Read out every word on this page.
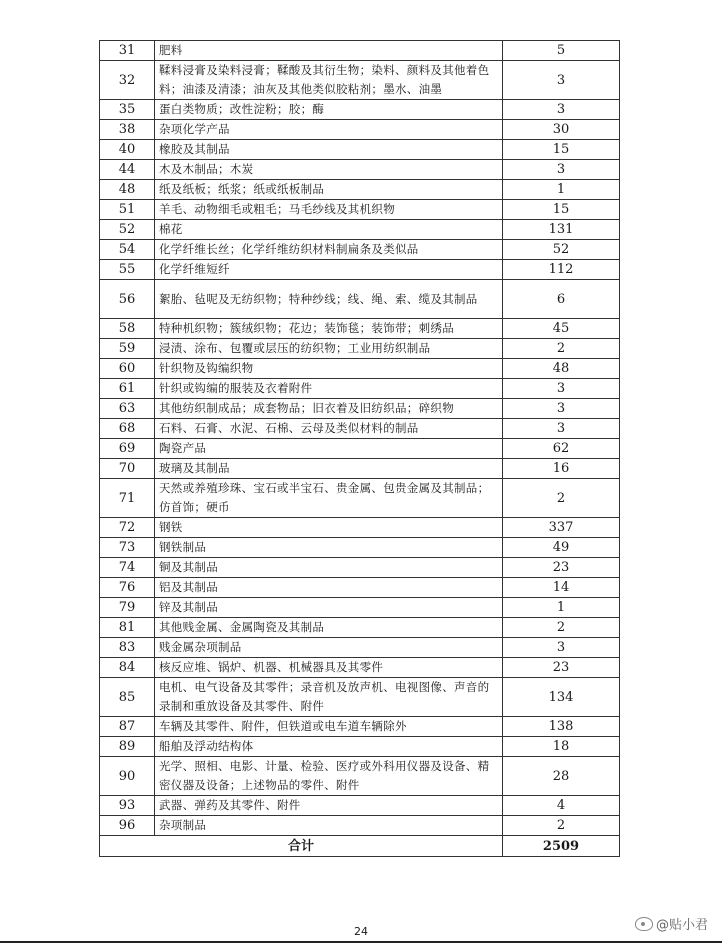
31	肥料	5
32	鞣料浸膏及染料浸膏；鞣酸及其衍生物；染料、颜料及其他着色料；油漆及清漆；油灰及其他类似胶粘剂；墨水、油墨	3
35	蛋白类物质；改性淀粉；胶；酶	3
38	杂项化学产品	30
40	橡胶及其制品	15
44	木及木制品；木炭	3
48	纸及纸板；纸浆；纸或纸板制品	1
51	羊毛、动物细毛或粗毛；马毛纱线及其机织物	15
52	棉花	131
54	化学纤维长丝；化学纤维纺织材料制扁条及类似品	52
55	化学纤维短纤	112
56	絮胎、毡呢及无纺织物；特种纱线；线、绳、索、缆及其制品	6
58	特种机织物；簇绒织物；花边；装饰毯；装饰带；刺绣品	45
59	浸渍、涂布、包覆或层压的纺织物；工业用纺织制品	2
60	针织物及钩编织物	48
61	针织或钩编的服装及衣着附件	3
63	其他纺织制成品；成套物品；旧衣着及旧纺织品；碎织物	3
68	石料、石膏、水泥、石棉、云母及类似材料的制品	3
69	陶瓷产品	62
70	玻璃及其制品	16
71	天然或养殖珍珠、宝石或半宝石、贵金属、包贵金属及其制品；仿首饰；硬币	2
72	钢铁	337
73	钢铁制品	49
74	铜及其制品	23
76	铝及其制品	14
79	锌及其制品	1
81	其他贱金属、金属陶瓷及其制品	2
83	贱金属杂项制品	3
84	核反应堆、锅炉、机器、机械器具及其零件	23
85	电机、电气设备及其零件；录音机及放声机、电视图像、声音的录制和重放设备及其零件、附件	134
87	车辆及其零件、附件，但铁道或电车道车辆除外	138
89	船舶及浮动结构体	18
90	光学、照相、电影、计量、检验、医疗或外科用仪器及设备、精密仪器及设备；上述物品的零件、附件	28
93	武器、弹药及其零件、附件	4
96	杂项制品	2
合计		2509
24	@贴小君
